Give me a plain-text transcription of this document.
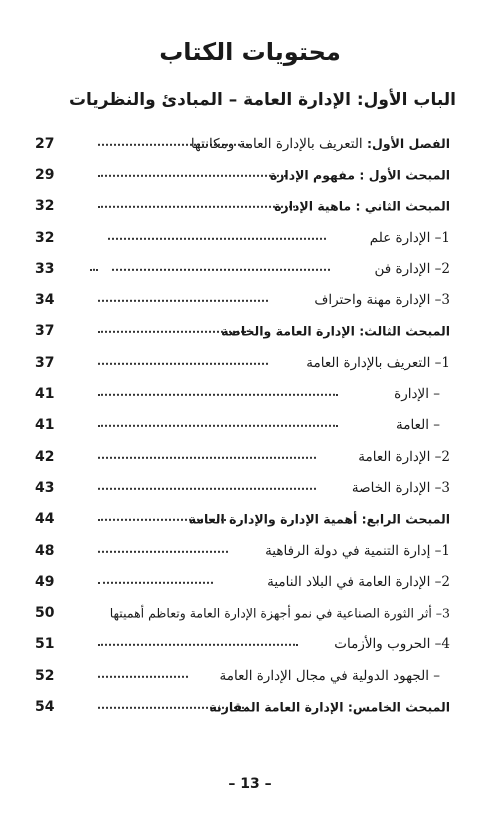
محتويات الكتاب
الباب الأول: الإدارة العامة – المبادئ والنظريات
27	الفصل الأول: التعريف بالإدارة العامة ومكانتها
29	المبحث الأول : مفهوم الإدارة
32	المبحث الثاني : ماهية الإدارة
32	1– الإدارة علم
33	2– الإدارة فن
34	3– الإدارة مهنة واحتراف
37	المبحث الثالث: الإدارة العامة والخاصة
37	1– التعريف بالإدارة العامة
41	– الإدارة
41	– العامة
42	2– الإدارة العامة
43	3– الإدارة الخاصة
44	المبحث الرابع: أهمية الإدارة والإدارة العامة
48	1– إدارة التنمية في دولة الرفاهية
49	2– الإدارة العامة في البلاد النامية
50	3– أثر الثورة الصناعية في نمو أجهزة الإدارة العامة وتعاظم أهميتها
51	4– الحروب والأزمات
52	– الجهود الدولية في مجال الإدارة العامة
54	المبحث الخامس: الإدارة العامة المقارنة
– 13 –
